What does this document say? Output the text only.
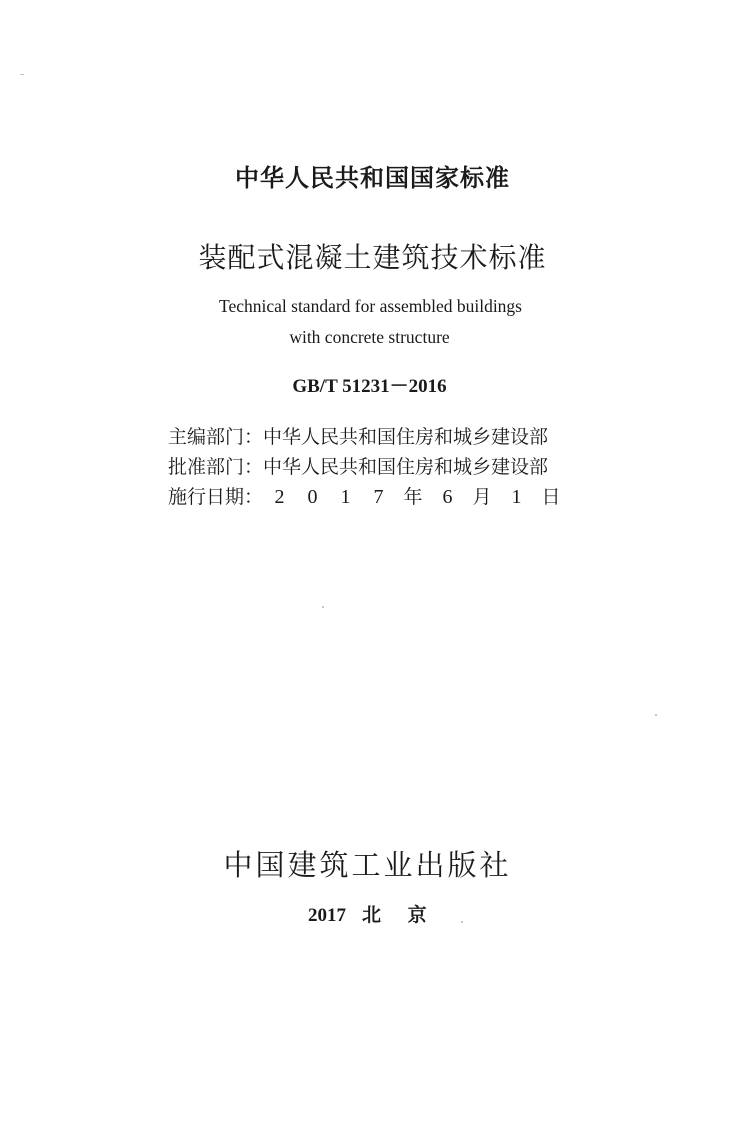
中华人民共和国国家标准
装配式混凝土建筑技术标准
Technical standard for assembled buildings
with concrete structure
GB/T 51231－2016
主编部门： 中华人民共和国住房和城乡建设部
批准部门： 中华人民共和国住房和城乡建设部
施行日期： 2	0	1	7	年	6	月	1	日
中国建筑工业出版社
2017 北 京
